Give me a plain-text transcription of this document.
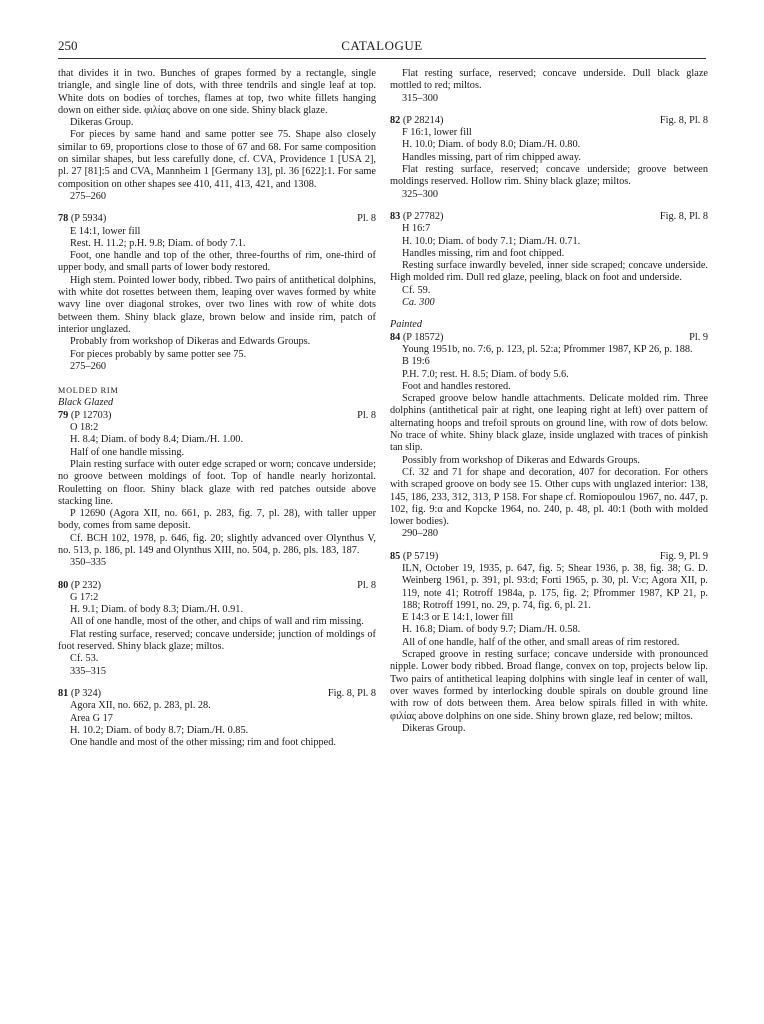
250	CATALOGUE

that divides it in two. Bunches of grapes formed by a rectangle, single triangle, and single line of dots, with three tendrils and single leaf at top. White dots on bodies of torches, flames at top, two white fillets hanging down on either side. φιλίας above on one side. Shiny black glaze.

Dikeras Group.

For pieces by same hand and same potter see 75. Shape also closely similar to 69, proportions close to those of 67 and 68. For same composition on similar shapes, but less carefully done, cf. CVA, Providence 1 [USA 2], pl. 27 [81]:5 and CVA, Mannheim 1 [Germany 13], pl. 36 [622]:1. For same composition on other shapes see 410, 411, 413, 421, and 1308.

275–260

78 (P 5934)	Pl. 8

E 14:1, lower fill

Rest. H. 11.2; p.H. 9.8; Diam. of body 7.1.

Foot, one handle and top of the other, three-fourths of rim, one-third of upper body, and small parts of lower body restored.

High stem. Pointed lower body, ribbed. Two pairs of antithetical dolphins, with white dot rosettes between them, leaping over waves formed by white wavy line over diagonal strokes, over two lines with row of white dots between them. Shiny black glaze, brown below and inside rim, patch of interior unglazed.

Probably from workshop of Dikeras and Edwards Groups.

For pieces probably by same potter see 75.

275–260

MOLDED RIM
Black Glazed
79 (P 12703)	Pl. 8

O 18:2

H. 8.4; Diam. of body 8.4; Diam./H. 1.00.

Half of one handle missing.

Plain resting surface with outer edge scraped or worn; concave underside; no groove between moldings of foot. Top of handle nearly horizontal. Rouletting on floor. Shiny black glaze with red patches outside above stacking line.

P 12690 (Agora XII, no. 661, p. 283, fig. 7, pl. 28), with taller upper body, comes from same deposit.

Cf. BCH 102, 1978, p. 646, fig. 20; slightly advanced over Olynthus V, no. 513, p. 186, pl. 149 and Olynthus XIII, no. 504, p. 286, pls. 183, 187.

350–335

80 (P 232)	Pl. 8

G 17:2

H. 9.1; Diam. of body 8.3; Diam./H. 0.91.

All of one handle, most of the other, and chips of wall and rim missing.

Flat resting surface, reserved; concave underside; junction of moldings of foot reserved. Shiny black glaze; miltos.

Cf. 53.

335–315

81 (P 324)	Fig. 8, Pl. 8

Agora XII, no. 662, p. 283, pl. 28.

Area G 17

H. 10.2; Diam. of body 8.7; Diam./H. 0.85.

One handle and most of the other missing; rim and foot chipped.

Flat resting surface, reserved; concave underside. Dull black glaze mottled to red; miltos.

315–300

82 (P 28214)	Fig. 8, Pl. 8

F 16:1, lower fill

H. 10.0; Diam. of body 8.0; Diam./H. 0.80.

Handles missing, part of rim chipped away.

Flat resting surface, reserved; concave underside; groove between moldings reserved. Hollow rim. Shiny black glaze; miltos.

325–300

83 (P 27782)	Fig. 8, Pl. 8

H 16:7

H. 10.0; Diam. of body 7.1; Diam./H. 0.71.

Handles missing, rim and foot chipped.

Resting surface inwardly beveled, inner side scraped; concave underside. High molded rim. Dull red glaze, peeling, black on foot and underside.

Cf. 59.

Ca. 300

Painted
84 (P 18572)	Pl. 9

Young 1951b, no. 7:6, p. 123, pl. 52:a; Pfrommer 1987, KP 26, p. 188.

B 19:6

P.H. 7.0; rest. H. 8.5; Diam. of body 5.6.

Foot and handles restored.

Scraped groove below handle attachments. Delicate molded rim. Three dolphins (antithetical pair at right, one leaping right at left) over pattern of alternating hoops and trefoil sprouts on ground line, with row of dots below. No trace of white. Shiny black glaze, inside unglazed with traces of pinkish tan slip.

Possibly from workshop of Dikeras and Edwards Groups.

Cf. 32 and 71 for shape and decoration, 407 for decoration. For others with scraped groove on body see 15. Other cups with unglazed interior: 138, 145, 186, 233, 312, 313, P 158. For shape cf. Romiopoulou 1967, no. 447, p. 102, fig. 9:α and Kopcke 1964, no. 240, p. 48, pl. 40:1 (both with molded lower bodies).

290–280

85 (P 5719)	Fig. 9, Pl. 9

ILN, October 19, 1935, p. 647, fig. 5; Shear 1936, p. 38, fig. 38; G. D. Weinberg 1961, p. 391, pl. 93:d; Forti 1965, p. 30, pl. V:c; Agora XII, p. 119, note 41; Rotroff 1984a, p. 175, fig. 2; Pfrommer 1987, KP 21, p. 188; Rotroff 1991, no. 29, p. 74, fig. 6, pl. 21.

E 14:3 or E 14:1, lower fill

H. 16.8; Diam. of body 9.7; Diam./H. 0.58.

All of one handle, half of the other, and small areas of rim restored.

Scraped groove in resting surface; concave underside with pronounced nipple. Lower body ribbed. Broad flange, convex on top, projects below lip. Two pairs of antithetical leaping dolphins with single leaf in center of wall, over waves formed by interlocking double spirals on double ground line with row of dots between them. Area below spirals filled in with white. φιλίας above dolphins on one side. Shiny brown glaze, red below; miltos.

Dikeras Group.
